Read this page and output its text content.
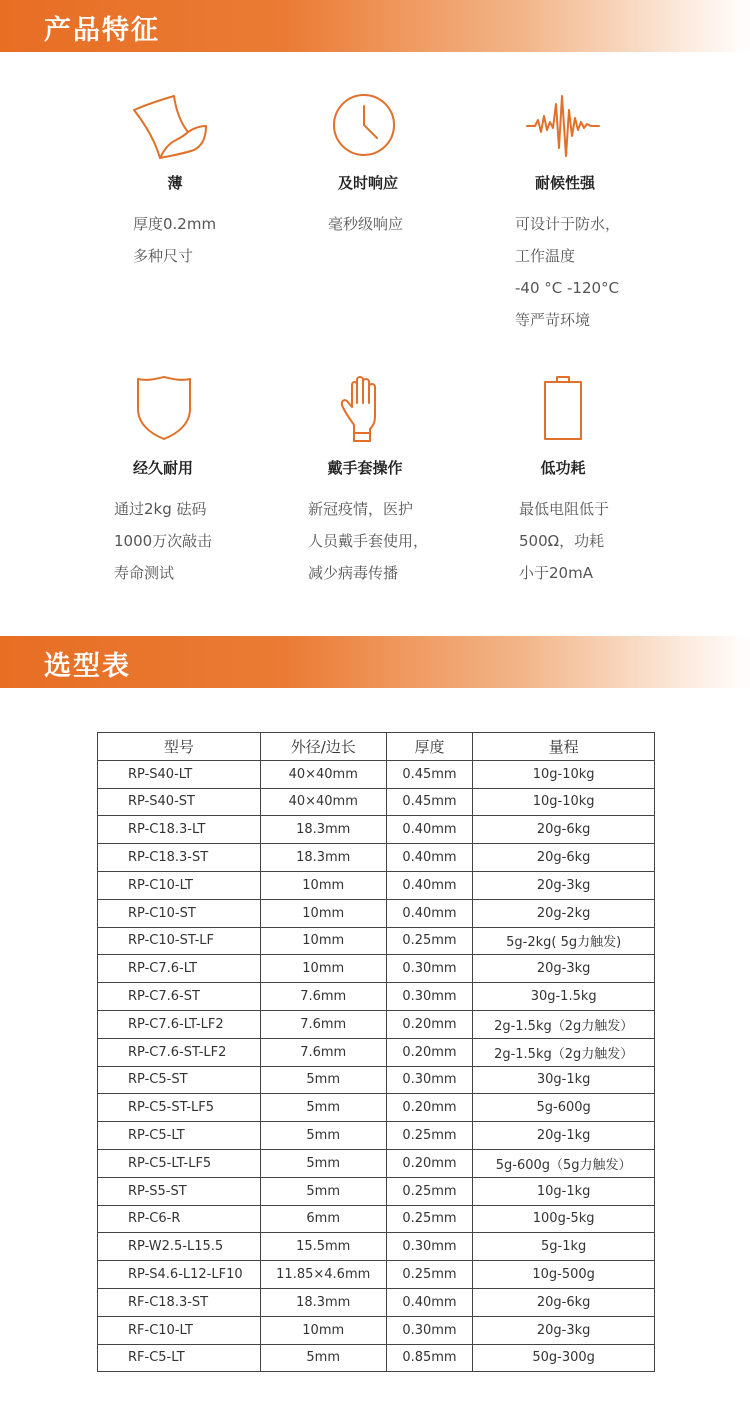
产品特征
薄
厚度0.2mm
多种尺寸
及时响应
毫秒级响应
耐候性强
可设计于防水，
工作温度
-40 °C -120°C
等严苛环境
经久耐用
通过2kg 砝码
1000万次敲击
寿命测试
戴手套操作
新冠疫情，医护
人员戴手套使用，
减少病毒传播
低功耗
最低电阻低于
500Ω，功耗
小于20mA
选型表
型号	外径/边长	厚度	量程
RP-S40-LT	40×40mm	0.45mm	10g-10kg
RP-S40-ST	40×40mm	0.45mm	10g-10kg
RP-C18.3-LT	18.3mm	0.40mm	20g-6kg
RP-C18.3-ST	18.3mm	0.40mm	20g-6kg
RP-C10-LT	10mm	0.40mm	20g-3kg
RP-C10-ST	10mm	0.40mm	20g-2kg
RP-C10-ST-LF	10mm	0.25mm	5g-2kg( 5g力触发)
RP-C7.6-LT	10mm	0.30mm	20g-3kg
RP-C7.6-ST	7.6mm	0.30mm	30g-1.5kg
RP-C7.6-LT-LF2	7.6mm	0.20mm	2g-1.5kg（2g力触发）
RP-C7.6-ST-LF2	7.6mm	0.20mm	2g-1.5kg（2g力触发）
RP-C5-ST	5mm	0.30mm	30g-1kg
RP-C5-ST-LF5	5mm	0.20mm	5g-600g
RP-C5-LT	5mm	0.25mm	20g-1kg
RP-C5-LT-LF5	5mm	0.20mm	5g-600g（5g力触发）
RP-S5-ST	5mm	0.25mm	10g-1kg
RP-C6-R	6mm	0.25mm	100g-5kg
RP-W2.5-L15.5	15.5mm	0.30mm	5g-1kg
RP-S4.6-L12-LF10	11.85×4.6mm	0.25mm	10g-500g
RF-C18.3-ST	18.3mm	0.40mm	20g-6kg
RF-C10-LT	10mm	0.30mm	20g-3kg
RF-C5-LT	5mm	0.85mm	50g-300g
